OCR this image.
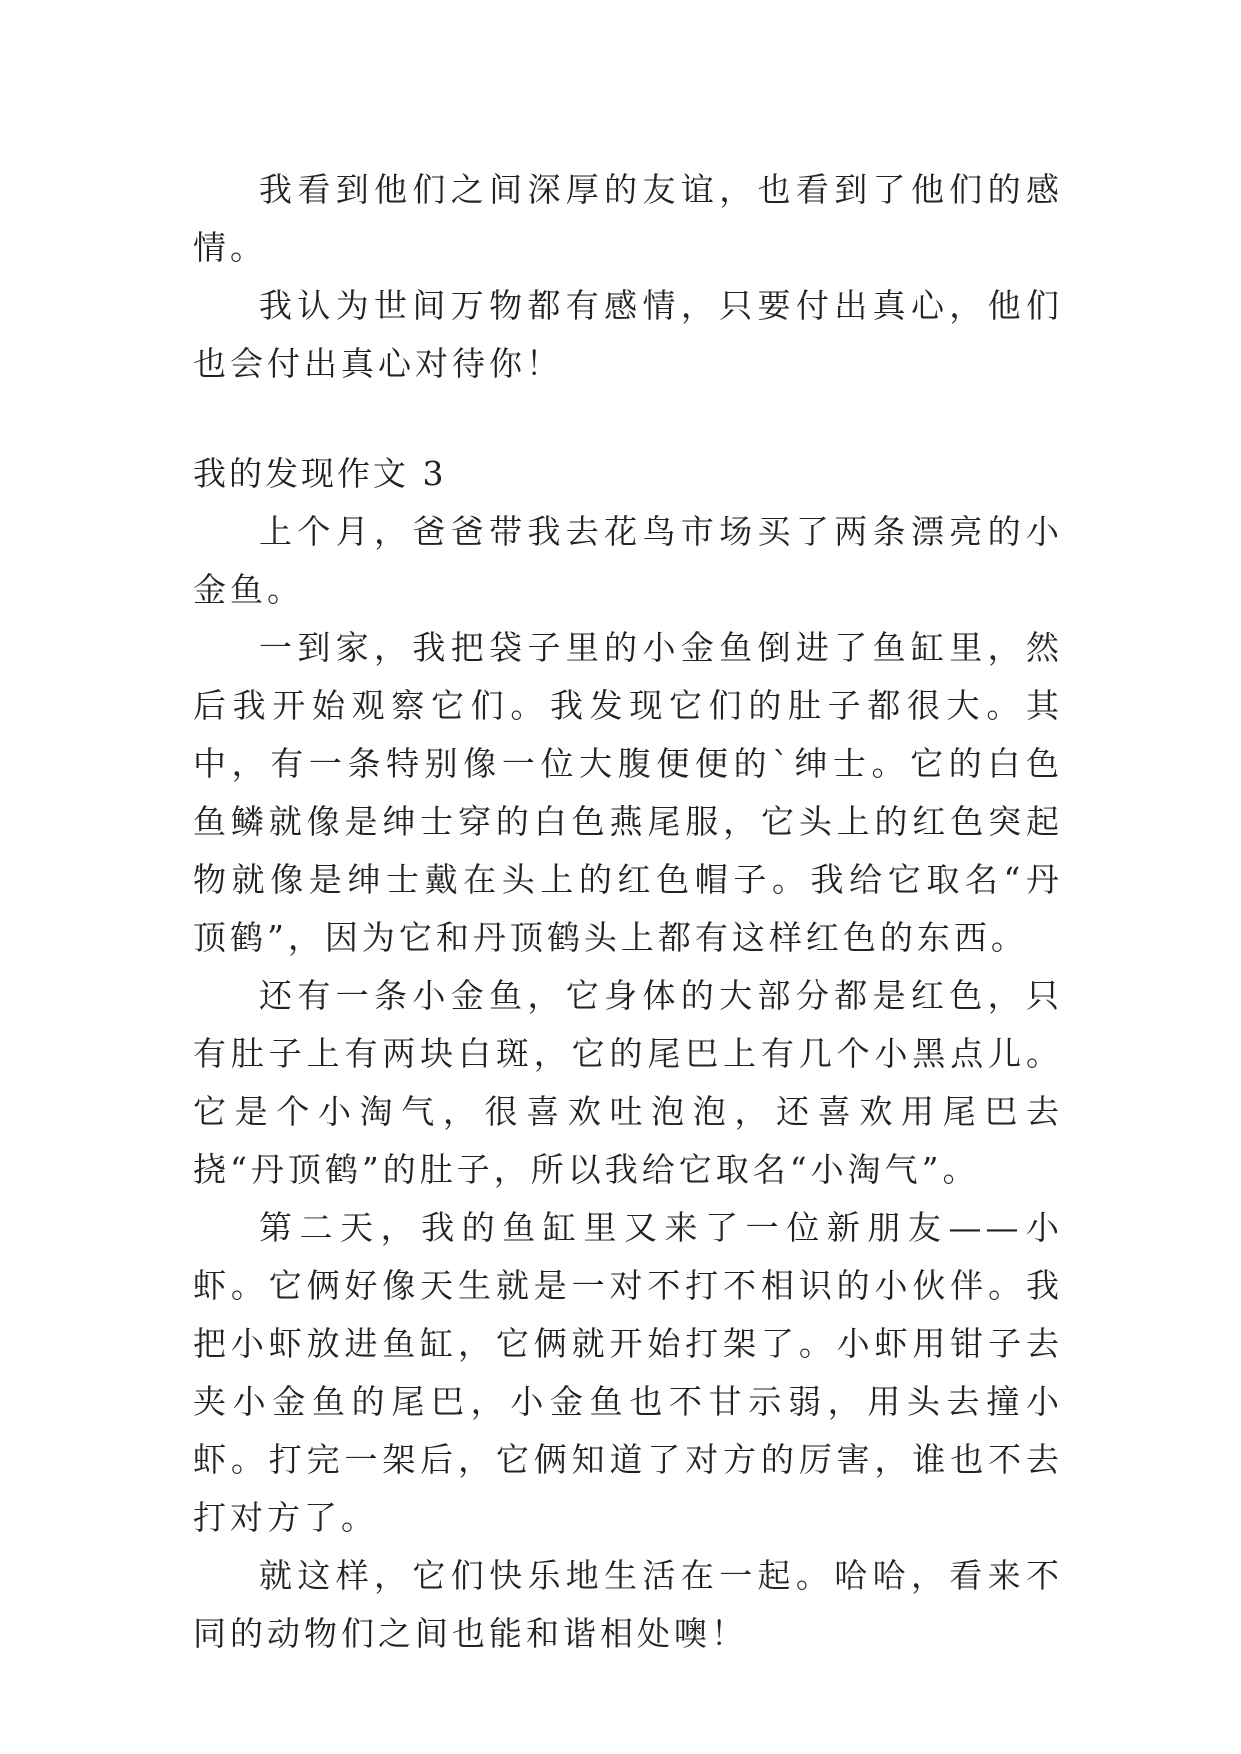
我看到他们之间深厚的友谊，也看到了他们的感情。

我认为世间万物都有感情，只要付出真心，他们也会付出真心对待你！

我的发现作文 3

上个月，爸爸带我去花鸟市场买了两条漂亮的小金鱼。

一到家，我把袋子里的小金鱼倒进了鱼缸里，然后我开始观察它们。我发现它们的肚子都很大。其中，有一条特别像一位大腹便便的`绅士。它的白色鱼鳞就像是绅士穿的白色燕尾服，它头上的红色突起物就像是绅士戴在头上的红色帽子。我给它取名“丹顶鹤”，因为它和丹顶鹤头上都有这样红色的东西。

还有一条小金鱼，它身体的大部分都是红色，只有肚子上有两块白斑，它的尾巴上有几个小黑点儿。它是个小淘气，很喜欢吐泡泡，还喜欢用尾巴去挠“丹顶鹤”的肚子，所以我给它取名“小淘气”。

第二天，我的鱼缸里又来了一位新朋友——小虾。它俩好像天生就是一对不打不相识的小伙伴。我把小虾放进鱼缸，它俩就开始打架了。小虾用钳子去夹小金鱼的尾巴，小金鱼也不甘示弱，用头去撞小虾。打完一架后，它俩知道了对方的厉害，谁也不去打对方了。

就这样，它们快乐地生活在一起。哈哈，看来不同的动物们之间也能和谐相处噢！
